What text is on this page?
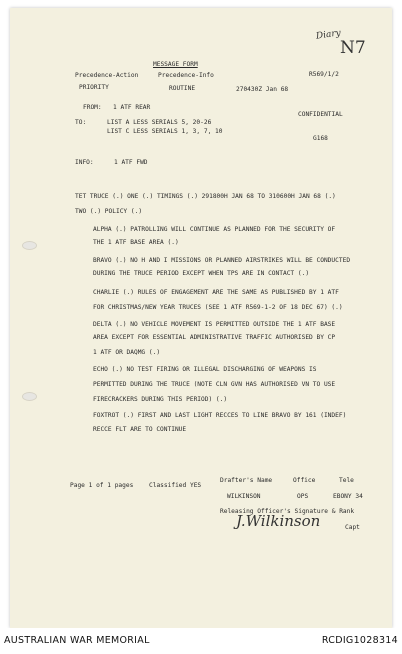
Diary
N7
MESSAGE FORM
R569/1/2
Precedence-Action	Precedence-Info
PRIORITY	ROUTINE	270430Z Jan 68
FROM: 1 ATF REAR
CONFIDENTIAL
TO:	LIST A LESS SERIALS 5, 20-26
LIST C LESS SERIALS 1, 3, 7, 10
G168
INFO:	1 ATF FWD
TET TRUCE (.) ONE (.) TIMINGS (.) 291800H JAN 68 TO 310600H JAN 68 (.)
TWO (.) POLICY (.)
ALPHA (.) PATROLLING WILL CONTINUE AS PLANNED FOR THE SECURITY OF
THE 1 ATF BASE AREA (.)
BRAVO (.) NO H AND I MISSIONS OR PLANNED AIRSTRIKES WILL BE CONDUCTED
DURING THE TRUCE PERIOD EXCEPT WHEN TPS ARE IN CONTACT (.)
CHARLIE (.) RULES OF ENGAGEMENT ARE THE SAME AS PUBLISHED BY 1 ATF
FOR CHRISTMAS/NEW YEAR TRUCES (SEE 1 ATF R569-1-2 OF 18 DEC 67) (.)
DELTA (.) NO VEHICLE MOVEMENT IS PERMITTED OUTSIDE THE 1 ATF BASE
AREA EXCEPT FOR ESSENTIAL ADMINISTRATIVE TRAFFIC AUTHORISED BY CP
1 ATF OR DAQMG (.)
ECHO (.) NO TEST FIRING OR ILLEGAL DISCHARGING OF WEAPONS IS
PERMITTED DURING THE TRUCE (NOTE CLN GVN HAS AUTHORISED VN TO USE
FIRECRACKERS DURING THIS PERIOD) (.)
FOXTROT (.) FIRST AND LAST LIGHT RECCES TO LINE BRAVO BY 161 (INDEF)
RECCE FLT ARE TO CONTINUE
Page 1 of 1 pages	Classified YES
Drafter's Name	Office	Tele
WILKINSON	OPS	EBONY 34
Releasing Officer's Signature & Rank
J.Wilkinson	Capt
AUSTRALIAN WAR MEMORIAL	RCDIG1028314
